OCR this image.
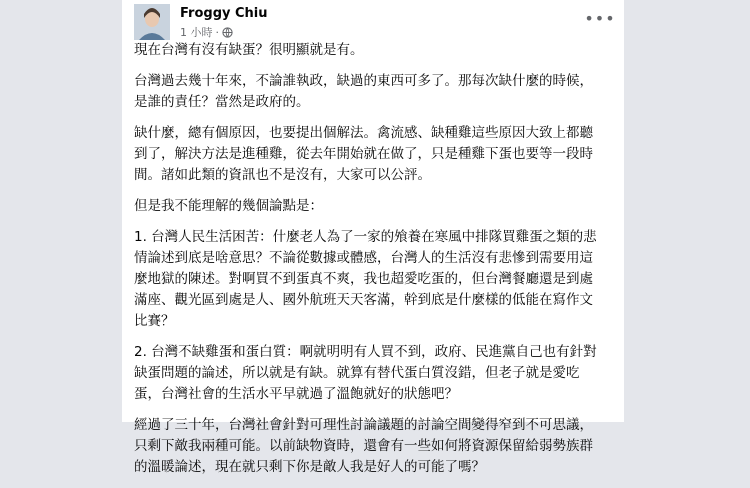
Froggy Chiu
1 小時 ·
•••

現在台灣有沒有缺蛋？很明顯就是有。

台灣過去幾十年來，不論誰執政，缺過的東西可多了。那每次缺什麼的時候，是誰的責任？當然是政府的。

缺什麼，總有個原因，也要提出個解法。禽流感、缺種雞這些原因大致上都聽到了，解決方法是進種雞，從去年開始就在做了，只是種雞下蛋也要等一段時間。諸如此類的資訊也不是沒有，大家可以公評。

但是我不能理解的幾個論點是：

1. 台灣人民生活困苦：什麼老人為了一家的飧養在寒風中排隊買雞蛋之類的悲情論述到底是啥意思？不論從數據或體感，台灣人的生活沒有悲慘到需要用這麼地獄的陳述。對啊買不到蛋真不爽，我也超愛吃蛋的，但台灣餐廳還是到處滿座、觀光區到處是人、國外航班天天客滿，幹到底是什麼樣的低能在寫作文比賽？

2. 台灣不缺雞蛋和蛋白質：啊就明明有人買不到，政府、民進黨自己也有針對缺蛋問題的論述，所以就是有缺。就算有替代蛋白質沒錯，但老子就是愛吃蛋，台灣社會的生活水平早就過了溫飽就好的狀態吧？

經過了三十年，台灣社會針對可理性討論議題的討論空間變得窄到不可思議，只剩下敵我兩種可能。以前缺物資時，還會有一些如何將資源保留給弱勢族群的溫暖論述，現在就只剩下你是敵人我是好人的可能了嗎？
